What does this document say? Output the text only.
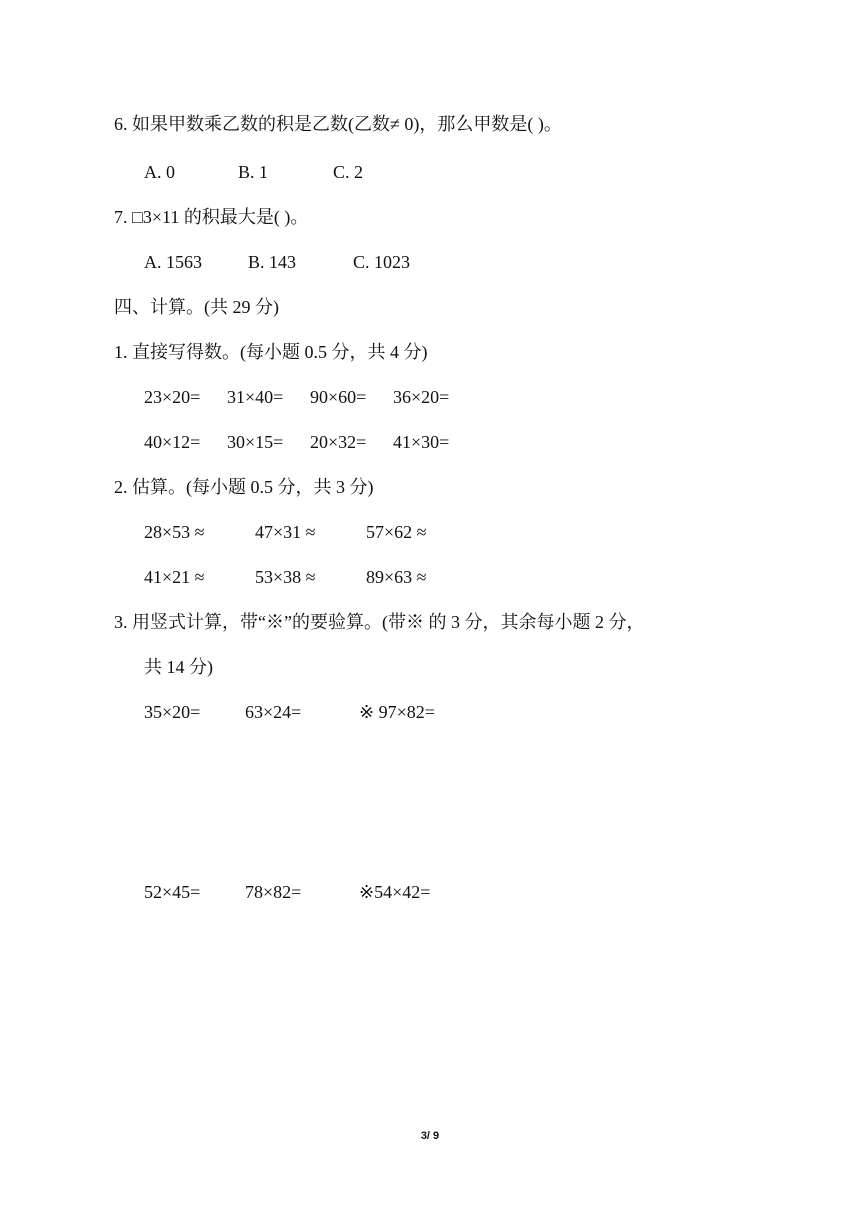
6. 如果甲数乘乙数的积是乙数(乙数≠ 0)，那么甲数是( )。
A. 0	B. 1	C. 2
7. □3×11 的积最大是( )。
A. 1563	B. 143	C. 1023
四、计算。(共 29 分)
1. 直接写得数。(每小题 0.5 分，共 4 分)
23×20= 31×40= 90×60= 36×20=
40×12= 30×15= 20×32= 41×30=
2. 估算。(每小题 0.5 分，共 3 分)
28×53 ≈	47×31 ≈	57×62 ≈
41×21 ≈	53×38 ≈	89×63 ≈
3. 用竖式计算，带“※”的要验算。(带※ 的 3 分，其余每小题 2 分，
共 14 分)
35×20= 63×24=	※ 97×82=
52×45= 78×82=	※54×42=
3/ 9
